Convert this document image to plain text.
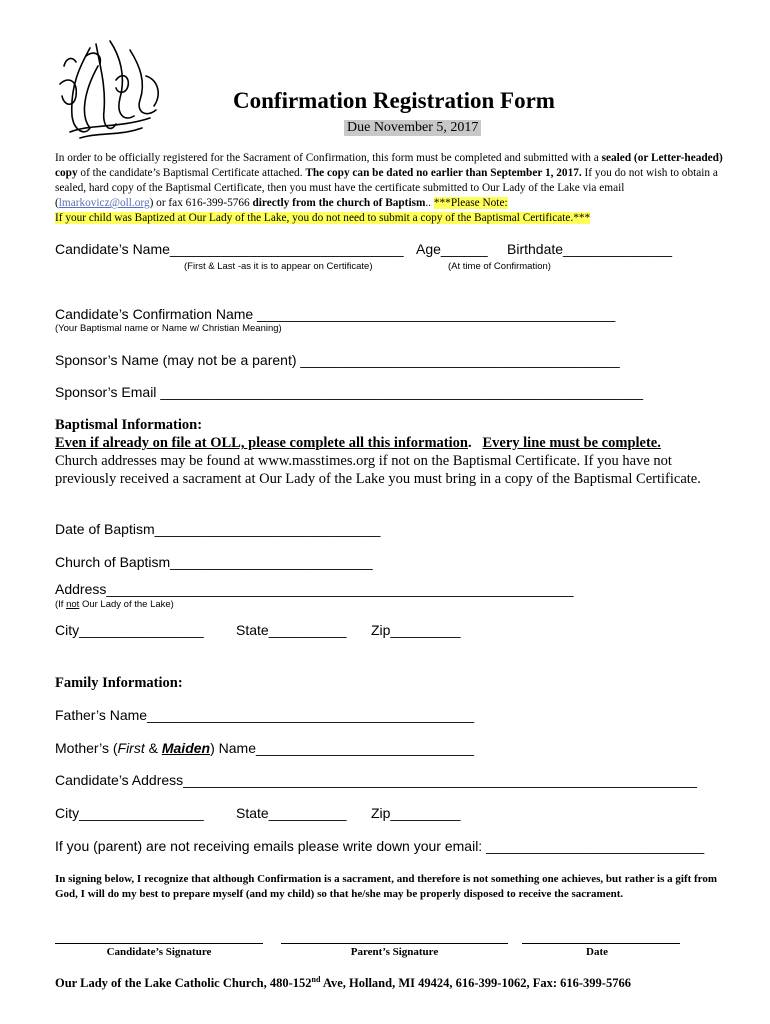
Confirmation Registration Form
Due November 5, 2017
In order to be officially registered for the Sacrament of Confirmation, this form must be completed and submitted with a sealed (or Letter-headed) copy of the candidate’s Baptismal Certificate attached. The copy can be dated no earlier than September 1, 2017. If you do not wish to obtain a sealed, hard copy of the Baptismal Certificate, then you must have the certificate submitted to Our Lady of the Lake via email (lmarkovicz@oll.org) or fax 616-399-5766 directly from the church of Baptism.. ***Please Note:
If your child was Baptized at Our Lady of the Lake, you do not need to submit a copy of the Baptismal Certificate.***
Candidate’s Name______________________________ Age______ Birthdate______________
(First & Last -as it is to appear on Certificate)	(At time of Confirmation)
Candidate’s Confirmation Name ______________________________________________
(Your Baptismal name or Name w/ Christian Meaning)
Sponsor’s Name (may not be a parent) _________________________________________
Sponsor’s Email ______________________________________________________________
Baptismal Information:
Even if already on file at OLL, please complete all this information. Every line must be complete.
Church addresses may be found at www.masstimes.org if not on the Baptismal Certificate. If you have not previously received a sacrament at Our Lady of the Lake you must bring in a copy of the Baptismal Certificate.
Date of Baptism_____________________________
Church of Baptism__________________________
Address____________________________________________________________
(If not Our Lady of the Lake)
City________________ State__________ Zip_________
Family Information:
Father’s Name__________________________________________
Mother’s (First & Maiden) Name____________________________
Candidate’s Address__________________________________________________________________
City________________ State__________ Zip_________
If you (parent) are not receiving emails please write down your email: ____________________________
In signing below, I recognize that although Confirmation is a sacrament, and therefore is not something one achieves, but rather is a gift from God, I will do my best to prepare myself (and my child) so that he/she may be properly disposed to receive the sacrament.
Candidate’s Signature	Parent’s Signature	Date
Our Lady of the Lake Catholic Church, 480-152nd Ave, Holland, MI 49424, 616-399-1062, Fax: 616-399-5766
